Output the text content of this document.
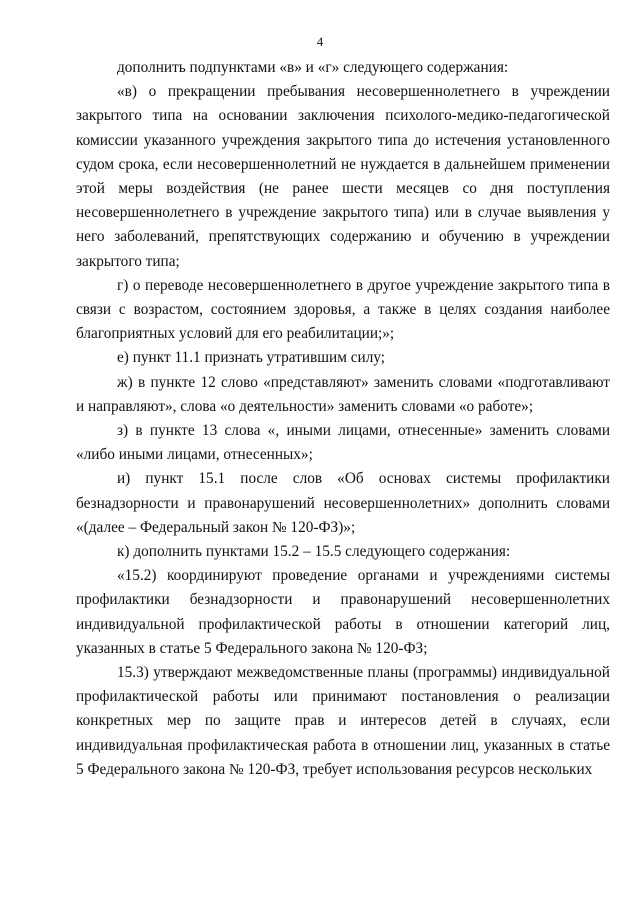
4

дополнить подпунктами «в» и «г» следующего содержания:

«в) о прекращении пребывания несовершеннолетнего в учреждении закрытого типа на основании заключения психолого-медико-педагогической комиссии указанного учреждения закрытого типа до истечения установленного судом срока, если несовершеннолетний не нуждается в дальнейшем применении этой меры воздействия (не ранее шести месяцев со дня поступления несовершеннолетнего в учреждение закрытого типа) или в случае выявления у него заболеваний, препятствующих содержанию и обучению в учреждении закрытого типа;

г) о переводе несовершеннолетнего в другое учреждение закрытого типа в связи с возрастом, состоянием здоровья, а также в целях создания наиболее благоприятных условий для его реабилитации;»;

е) пункт 11.1 признать утратившим силу;

ж) в пункте 12 слово «представляют» заменить словами «подготавливают и направляют», слова «о деятельности» заменить словами «о работе»;

з) в пункте 13 слова «, иными лицами, отнесенные» заменить словами «либо иными лицами, отнесенных»;

и) пункт 15.1 после слов «Об основах системы профилактики безнадзорности и правонарушений несовершеннолетних» дополнить словами «(далее – Федеральный закон № 120-ФЗ)»;

к) дополнить пунктами 15.2 – 15.5 следующего содержания:

«15.2) координируют проведение органами и учреждениями системы профилактики безнадзорности и правонарушений несовершеннолетних индивидуальной профилактической работы в отношении категорий лиц, указанных в статье 5 Федерального закона № 120-ФЗ;

15.3) утверждают межведомственные планы (программы) индивидуальной профилактической работы или принимают постановления о реализации конкретных мер по защите прав и интересов детей в случаях, если индивидуальная профилактическая работа в отношении лиц, указанных в статье 5 Федерального закона № 120-ФЗ, требует использования ресурсов нескольких
